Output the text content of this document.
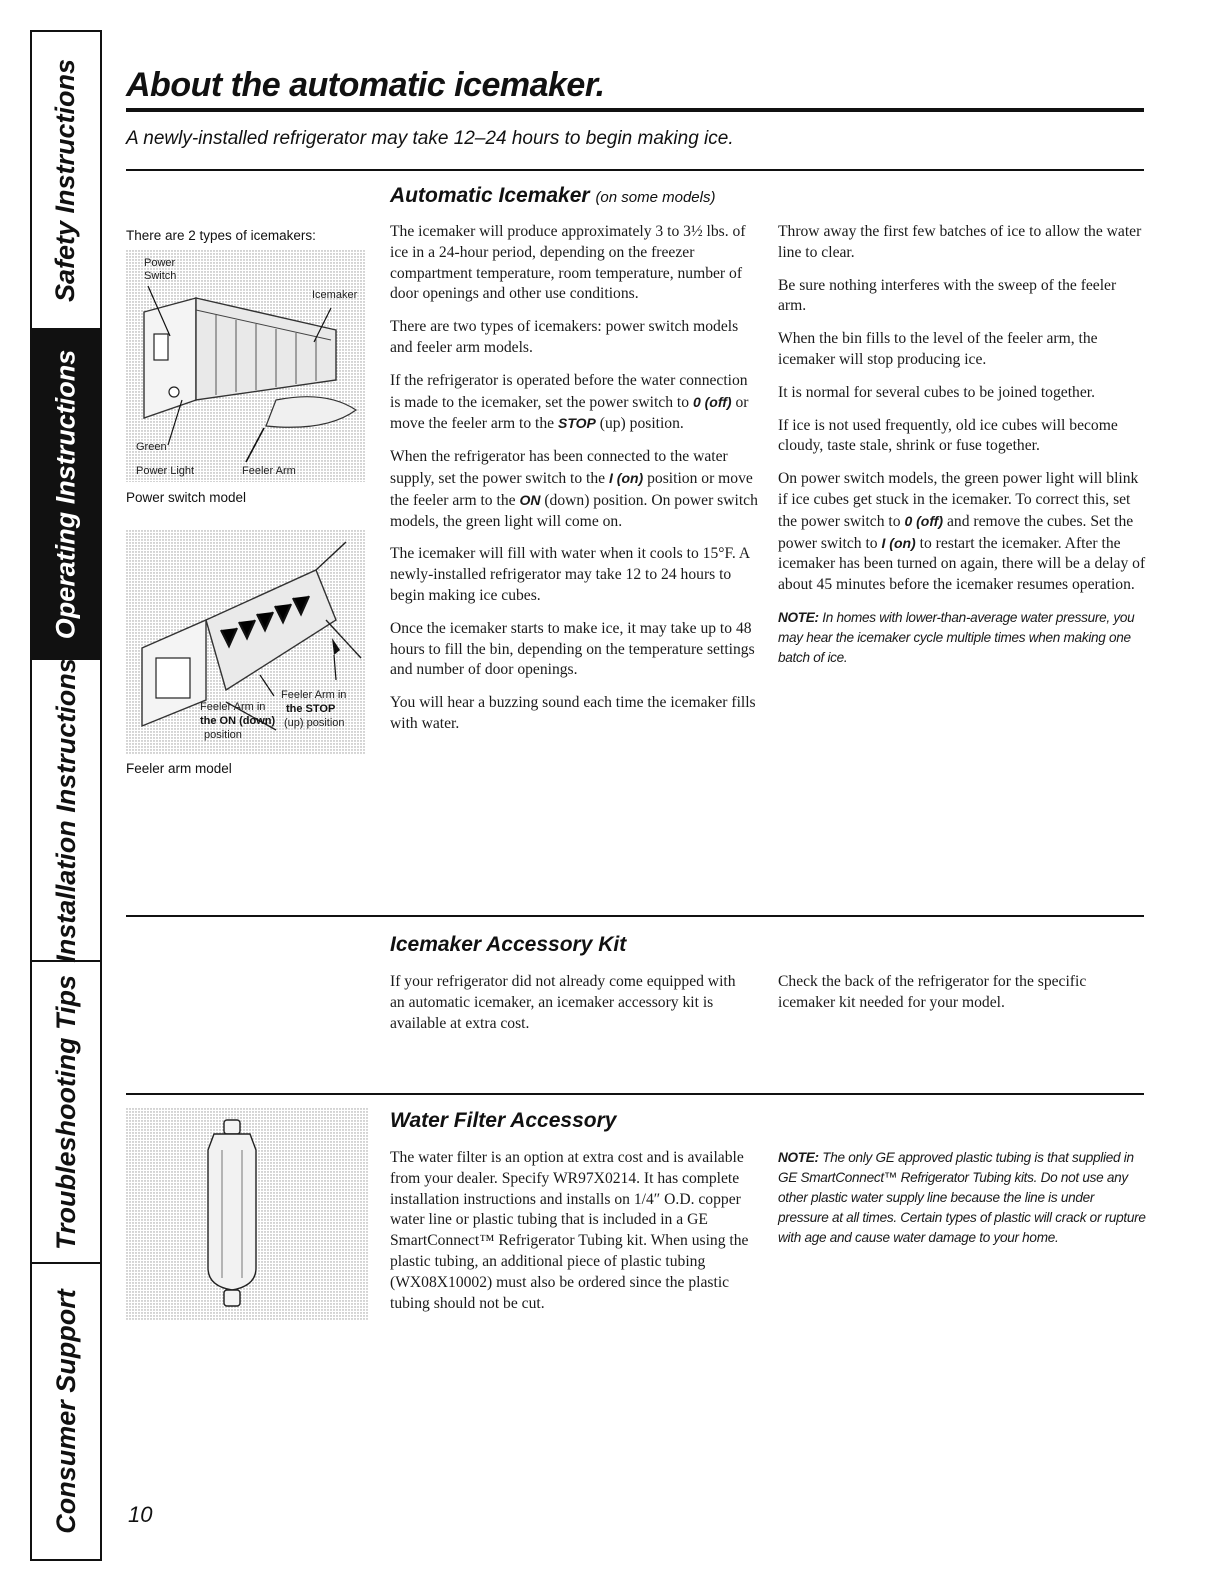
Safety Instructions
Operating Instructions
Installation Instructions
Troubleshooting Tips
Consumer Support
About the automatic icemaker.

A newly-installed refrigerator may take 12–24 hours to begin making ice.

There are 2 types of icemakers:
Power
Switch
Icemaker
Green
Power Light	Feeler Arm
Power switch model
Feeler Arm in
the STOP
(up) position
Feeler Arm in
the ON (down)
position
Feeler arm model
Automatic Icemaker (on some models)

The icemaker will produce approximately 3 to 3½ lbs. of ice in a 24-hour period, depending on the freezer compartment temperature, room temperature, number of door openings and other use conditions.

There are two types of icemakers: power switch models and feeler arm models.

If the refrigerator is operated before the water connection is made to the icemaker, set the power switch to 0 (off) or move the feeler arm to the STOP (up) position.

When the refrigerator has been connected to the water supply, set the power switch to the I (on) position or move the feeler arm to the ON (down) position. On power switch models, the green light will come on.

The icemaker will fill with water when it cools to 15°F. A newly-installed refrigerator may take 12 to 24 hours to begin making ice cubes.

Once the icemaker starts to make ice, it may take up to 48 hours to fill the bin, depending on the temperature settings and number of door openings.

You will hear a buzzing sound each time the icemaker fills with water.

Throw away the first few batches of ice to allow the water line to clear.

Be sure nothing interferes with the sweep of the feeler arm.

When the bin fills to the level of the feeler arm, the icemaker will stop producing ice.

It is normal for several cubes to be joined together.

If ice is not used frequently, old ice cubes will become cloudy, taste stale, shrink or fuse together.

On power switch models, the green power light will blink if ice cubes get stuck in the icemaker. To correct this, set the power switch to 0 (off) and remove the cubes. Set the power switch to I (on) to restart the icemaker. After the icemaker has been turned on again, there will be a delay of about 45 minutes before the icemaker resumes operation.

NOTE: In homes with lower-than-average water pressure, you may hear the icemaker cycle multiple times when making one batch of ice.

Icemaker Accessory Kit

If your refrigerator did not already come equipped with an automatic icemaker, an icemaker accessory kit is available at extra cost.

Check the back of the refrigerator for the specific icemaker kit needed for your model.

Water Filter Accessory

The water filter is an option at extra cost and is available from your dealer. Specify WR97X0214. It has complete installation instructions and installs on 1/4″ O.D. copper water line or plastic tubing that is included in a GE SmartConnect™ Refrigerator Tubing kit. When using the plastic tubing, an additional piece of plastic tubing (WX08X10002) must also be ordered since the plastic tubing should not be cut.

NOTE: The only GE approved plastic tubing is that supplied in GE SmartConnect™ Refrigerator Tubing kits. Do not use any other plastic water supply line because the line is under pressure at all times. Certain types of plastic will crack or rupture with age and cause water damage to your home.

10
